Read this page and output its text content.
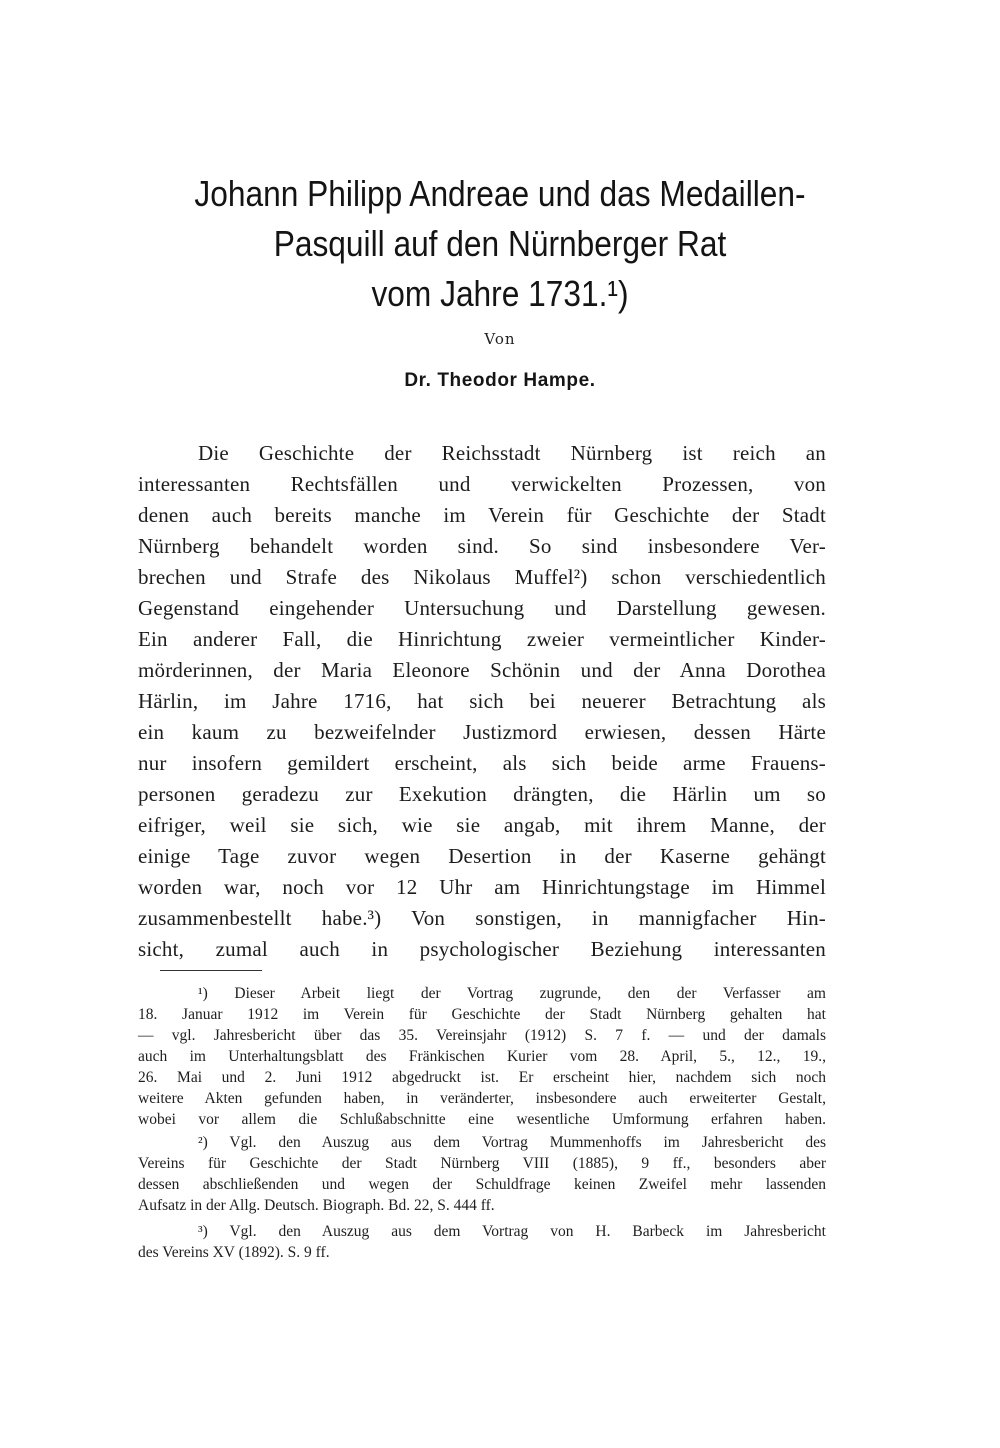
Johann Philipp Andreae und das Medaillen-
Pasquill auf den Nürnberger Rat
vom Jahre 1731.¹)
Von
Dr. Theodor Hampe.
Die Geschichte der Reichsstadt Nürnberg ist reich an
interessanten Rechtsfällen und verwickelten Prozessen, von
denen auch bereits manche im Verein für Geschichte der Stadt
Nürnberg behandelt worden sind. So sind insbesondere Ver-
brechen und Strafe des Nikolaus Muffel²) schon verschiedentlich
Gegenstand eingehender Untersuchung und Darstellung gewesen.
Ein anderer Fall, die Hinrichtung zweier vermeintlicher Kinder-
mörderinnen, der Maria Eleonore Schönin und der Anna Dorothea
Härlin, im Jahre 1716, hat sich bei neuerer Betrachtung als
ein kaum zu bezweifelnder Justizmord erwiesen, dessen Härte
nur insofern gemildert erscheint, als sich beide arme Frauens-
personen geradezu zur Exekution drängten, die Härlin um so
eifriger, weil sie sich, wie sie angab, mit ihrem Manne, der
einige Tage zuvor wegen Desertion in der Kaserne gehängt
worden war, noch vor 12 Uhr am Hinrichtungstage im Himmel
zusammenbestellt habe.³) Von sonstigen, in mannigfacher Hin-
sicht, zumal auch in psychologischer Beziehung interessanten
¹) Dieser Arbeit liegt der Vortrag zugrunde, den der Verfasser am
18. Januar 1912 im Verein für Geschichte der Stadt Nürnberg gehalten hat
— vgl. Jahresbericht über das 35. Vereinsjahr (1912) S. 7 f. — und der damals
auch im Unterhaltungsblatt des Fränkischen Kurier vom 28. April, 5., 12., 19.,
26. Mai und 2. Juni 1912 abgedruckt ist. Er erscheint hier, nachdem sich noch
weitere Akten gefunden haben, in veränderter, insbesondere auch erweiterter Gestalt,
wobei vor allem die Schlußabschnitte eine wesentliche Umformung erfahren haben.
²) Vgl. den Auszug aus dem Vortrag Mummenhoffs im Jahresbericht des
Vereins für Geschichte der Stadt Nürnberg VIII (1885), 9 ff., besonders aber
dessen abschließenden und wegen der Schuldfrage keinen Zweifel mehr lassenden
Aufsatz in der Allg. Deutsch. Biograph. Bd. 22, S. 444 ff.
³) Vgl. den Auszug aus dem Vortrag von H. Barbeck im Jahresbericht
des Vereins XV (1892). S. 9 ff.
